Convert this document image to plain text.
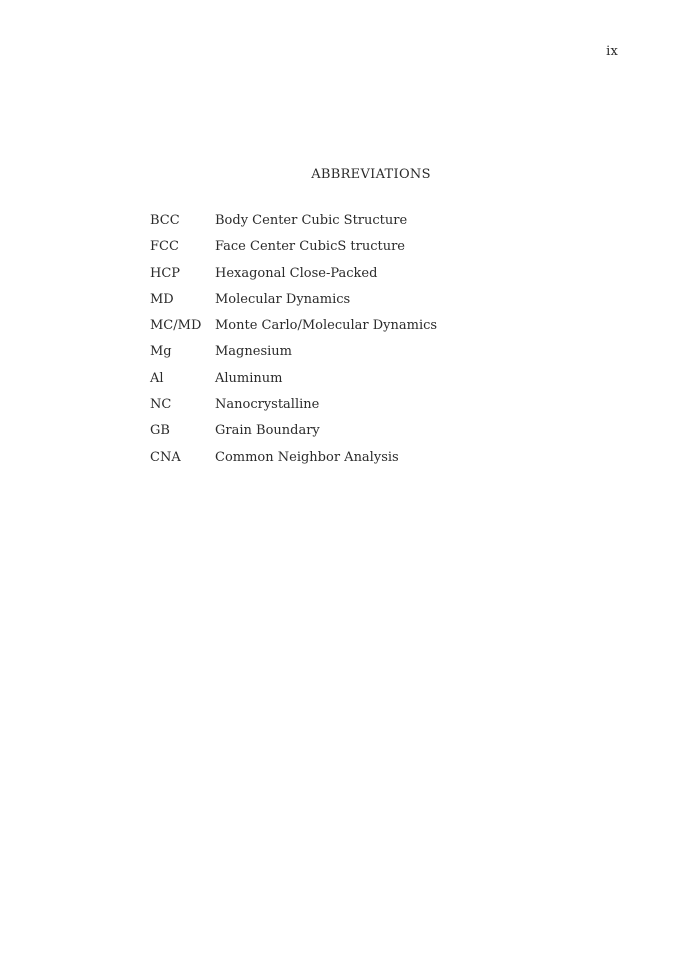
ix
ABBREVIATIONS
BCC	Body Center Cubic Structure
FCC	Face Center CubicS tructure
HCP	Hexagonal Close-Packed
MD	Molecular Dynamics
MC/MD	Monte Carlo/Molecular Dynamics
Mg	Magnesium
Al	Aluminum
NC	Nanocrystalline
GB	Grain Boundary
CNA	Common Neighbor Analysis
